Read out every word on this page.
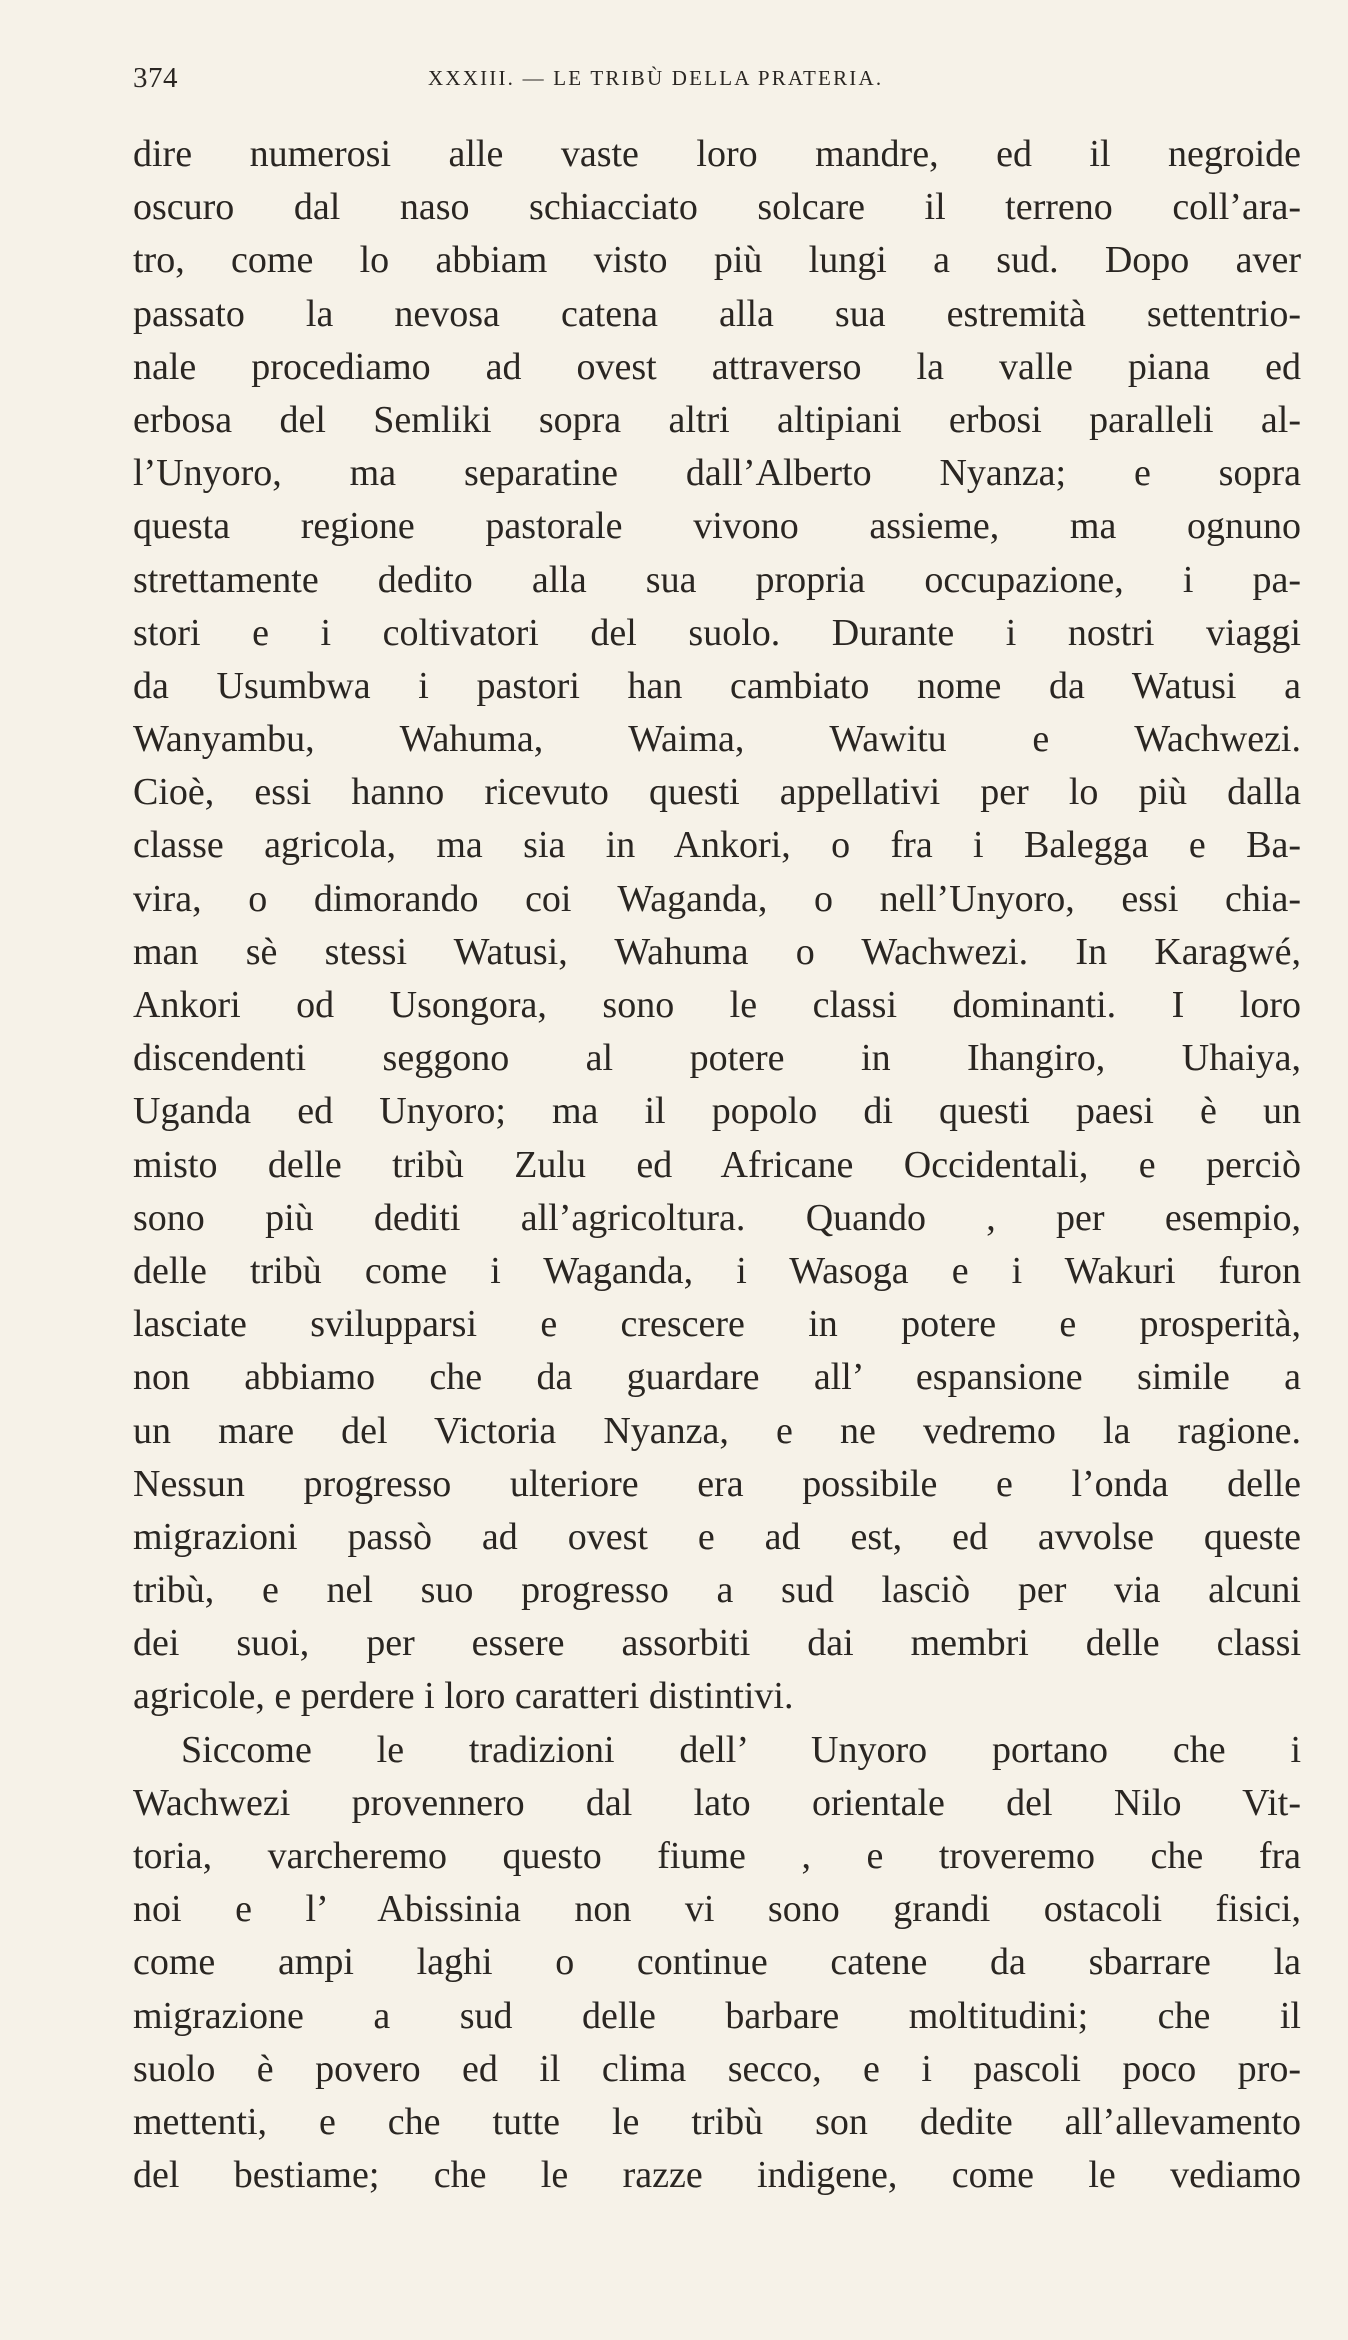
374	XXXIII. — LE TRIBÙ DELLA PRATERIA.
dire numerosi alle vaste loro mandre, ed il negroide
oscuro dal naso schiacciato solcare il terreno coll’ara-
tro, come lo abbiam visto più lungi a sud. Dopo aver
passato la nevosa catena alla sua estremità settentrio-
nale procediamo ad ovest attraverso la valle piana ed
erbosa del Semliki sopra altri altipiani erbosi paralleli al-
l’Unyoro, ma separatine dall’Alberto Nyanza; e sopra
questa regione pastorale vivono assieme, ma ognuno
strettamente dedito alla sua propria occupazione, i pa-
stori e i coltivatori del suolo. Durante i nostri viaggi
da Usumbwa i pastori han cambiato nome da Watusi a
Wanyambu, Wahuma, Waima, Wawitu e Wachwezi.
Cioè, essi hanno ricevuto questi appellativi per lo più dalla
classe agricola, ma sia in Ankori, o fra i Balegga e Ba-
vira, o dimorando coi Waganda, o nell’Unyoro, essi chia-
man sè stessi Watusi, Wahuma o Wachwezi. In Karagwé,
Ankori od Usongora, sono le classi dominanti. I loro
discendenti seggono al potere in Ihangiro, Uhaiya,
Uganda ed Unyoro; ma il popolo di questi paesi è un
misto delle tribù Zulu ed Africane Occidentali, e perciò
sono più dediti all’agricoltura. Quando , per esempio,
delle tribù come i Waganda, i Wasoga e i Wakuri furon
lasciate svilupparsi e crescere in potere e prosperità,
non abbiamo che da guardare all’ espansione simile a
un mare del Victoria Nyanza, e ne vedremo la ragione.
Nessun progresso ulteriore era possibile e l’onda delle
migrazioni passò ad ovest e ad est, ed avvolse queste
tribù, e nel suo progresso a sud lasciò per via alcuni
dei suoi, per essere assorbiti dai membri delle classi
agricole, e perdere i loro caratteri distintivi.
Siccome le tradizioni dell’ Unyoro portano che i
Wachwezi provennero dal lato orientale del Nilo Vit-
toria, varcheremo questo fiume , e troveremo che fra
noi e l’ Abissinia non vi sono grandi ostacoli fisici,
come ampi laghi o continue catene da sbarrare la
migrazione a sud delle barbare moltitudini; che il
suolo è povero ed il clima secco, e i pascoli poco pro-
mettenti, e che tutte le tribù son dedite all’allevamento
del bestiame; che le razze indigene, come le vediamo
